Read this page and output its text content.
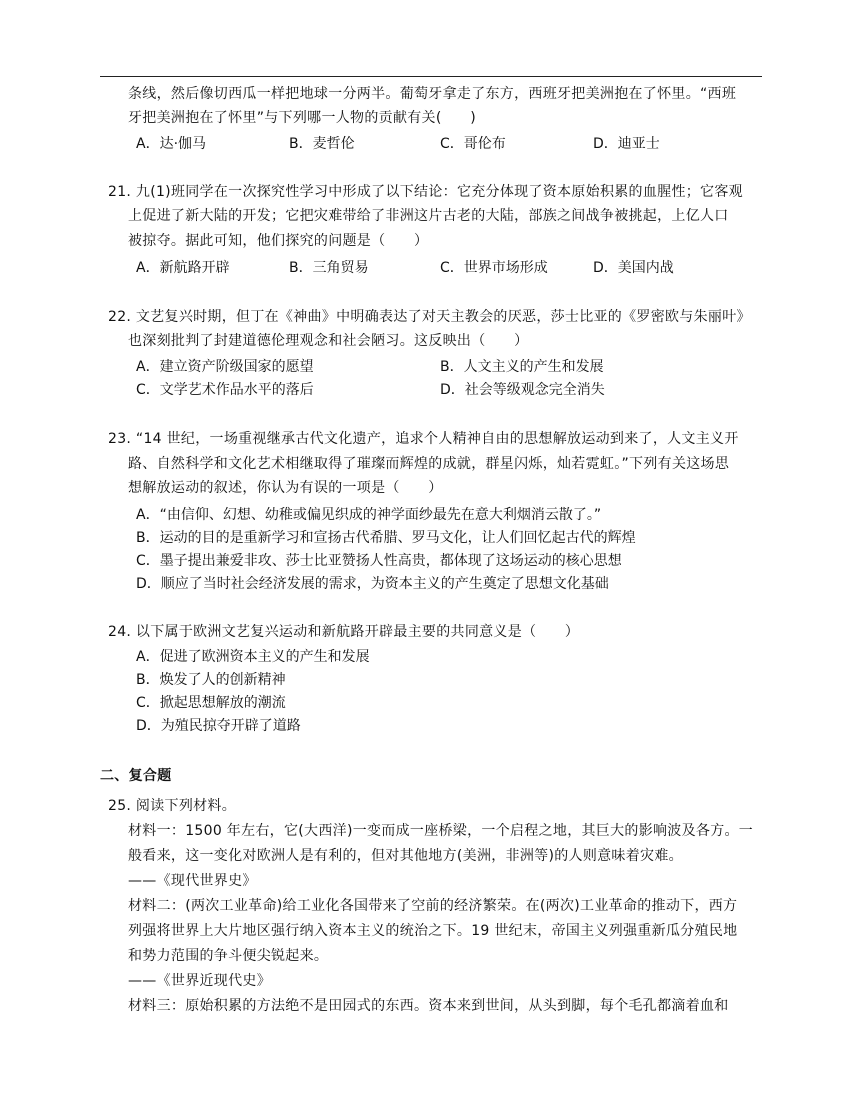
条线，然后像切西瓜一样把地球一分两半。葡萄牙拿走了东方，西班牙把美洲抱在了怀里。“西班
牙把美洲抱在了怀里”与下列哪一人物的贡献有关(　　)
A．达·伽马	B．麦哲伦	C．哥伦布	D．迪亚士
21. 九(1)班同学在一次探究性学习中形成了以下结论：它充分体现了资本原始积累的血腥性；它客观
上促进了新大陆的开发；它把灾难带给了非洲这片古老的大陆，部族之间战争被挑起，上亿人口
被掠夺。据此可知，他们探究的问题是（　　）
A．新航路开辟	B．三角贸易	C．世界市场形成	D．美国内战
22. 文艺复兴时期，但丁在《神曲》中明确表达了对天主教会的厌恶，莎士比亚的《罗密欧与朱丽叶》
也深刻批判了封建道德伦理观念和社会陋习。这反映出（　　）
A．建立资产阶级国家的愿望	B．人文主义的产生和发展
C．文学艺术作品水平的落后	D．社会等级观念完全消失
23. “14 世纪，一场重视继承古代文化遗产，追求个人精神自由的思想解放运动到来了，人文主义开
路、自然科学和文化艺术相继取得了璀璨而辉煌的成就，群星闪烁，灿若霓虹。”下列有关这场思
想解放运动的叙述，你认为有误的一项是（　　）
A．“由信仰、幻想、幼稚或偏见织成的神学面纱最先在意大利烟消云散了。”
B．运动的目的是重新学习和宣扬古代希腊、罗马文化，让人们回忆起古代的辉煌
C．墨子提出兼爱非攻、莎士比亚赞扬人性高贵，都体现了这场运动的核心思想
D．顺应了当时社会经济发展的需求，为资本主义的产生奠定了思想文化基础
24. 以下属于欧洲文艺复兴运动和新航路开辟最主要的共同意义是（　　）
A．促进了欧洲资本主义的产生和发展
B．焕发了人的创新精神
C．掀起思想解放的潮流
D．为殖民掠夺开辟了道路
二、复合题
25. 阅读下列材料。
材料一：1500 年左右，它(大西洋)一变而成一座桥梁，一个启程之地，其巨大的影响波及各方。一
般看来，这一变化对欧洲人是有利的，但对其他地方(美洲，非洲等)的人则意味着灾难。
——《现代世界史》
材料二：(两次工业革命)给工业化各国带来了空前的经济繁荣。在(两次)工业革命的推动下，西方
列强将世界上大片地区强行纳入资本主义的统治之下。19 世纪末，帝国主义列强重新瓜分殖民地
和势力范围的争斗便尖锐起来。
——《世界近现代史》
材料三：原始积累的方法绝不是田园式的东西。资本来到世间，从头到脚，每个毛孔都滴着血和
